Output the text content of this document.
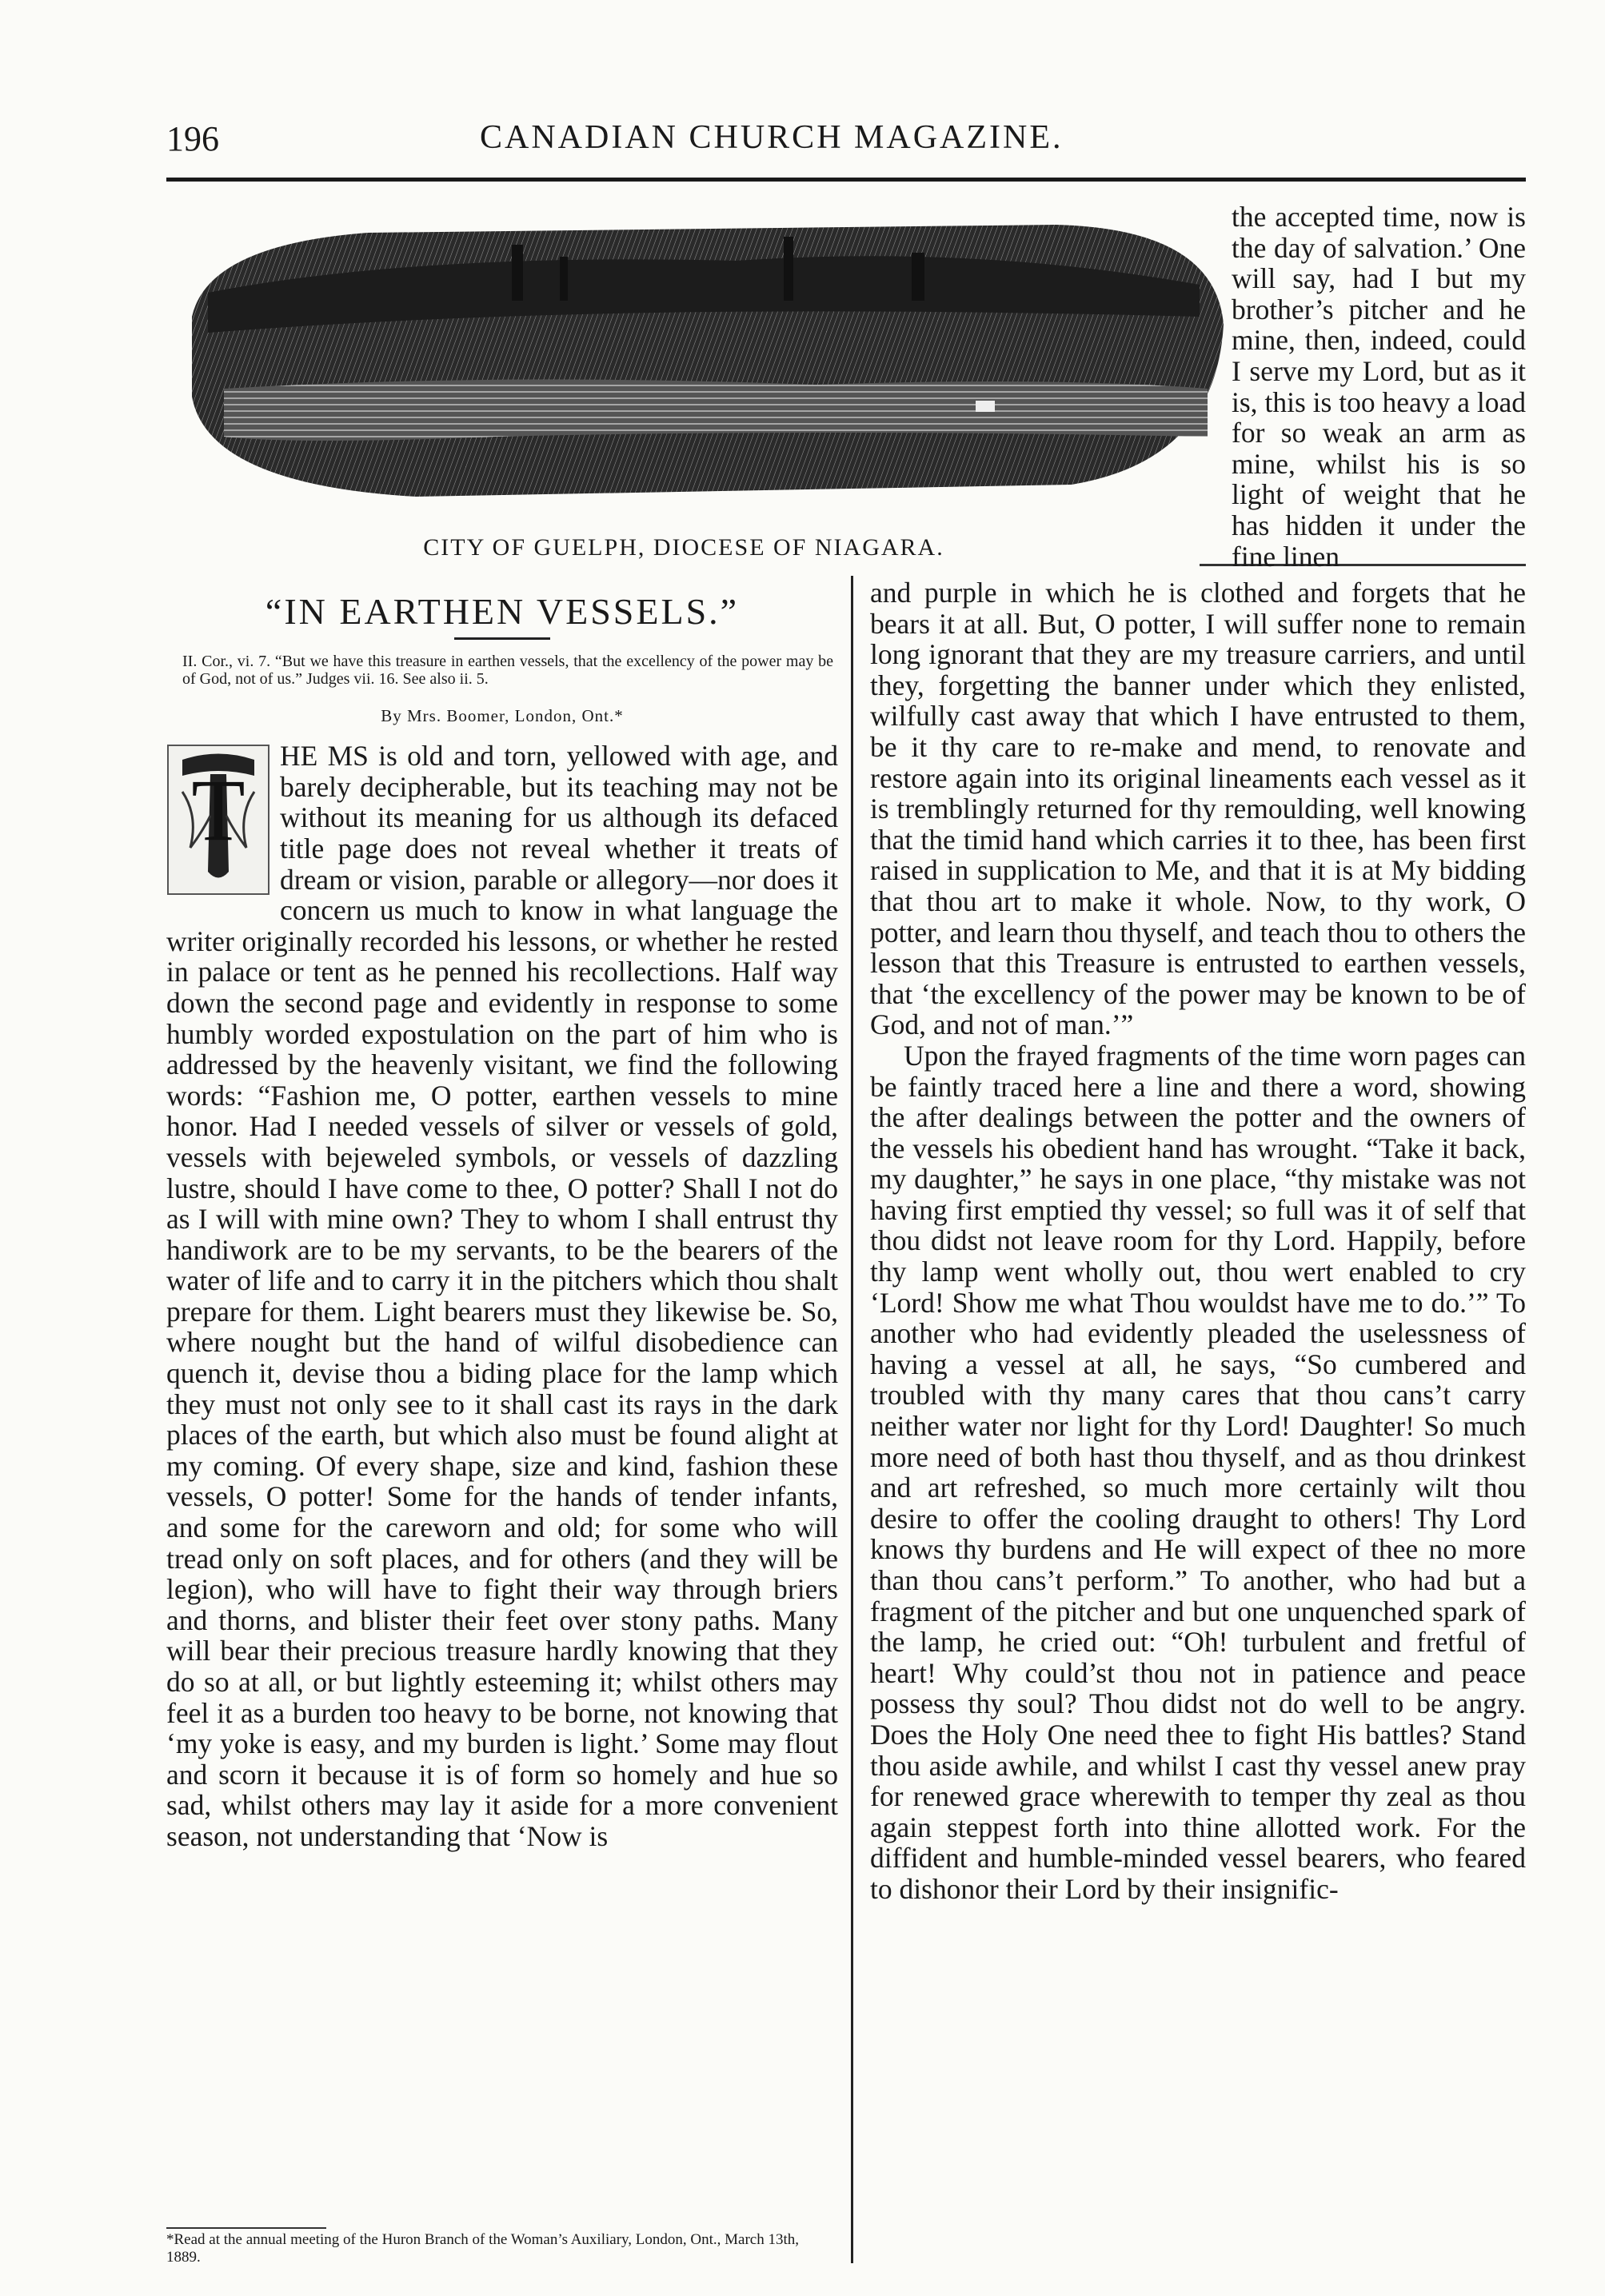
196	CANADIAN CHURCH MAGAZINE.
CITY OF GUELPH, DIOCESE OF NIAGARA.

the accepted time, now is the day of salvation.’ One will say, had I but my brother’s pitcher and he mine, then, indeed, could I serve my Lord, but as it is, this is too heavy a load for so weak an arm as mine, whilst his is so light of weight that he has hidden it under the fine linen

“IN EARTHEN VESSELS.”
II. Cor., vi. 7. “But we have this treasure in earthen vessels, that the excellency of the power may be of God, not of us.” Judges vii. 16. See also ii. 5.
By Mrs. Boomer, London, Ont.*
T

HE MS is old and torn, yellowed with age, and barely decipherable, but its teaching may not be without its meaning for us although its defaced title page does not reveal whether it treats of dream or vision, parable or allegory—nor does it concern us much to know in what language the writer originally recorded his lessons, or whether he rested in palace or tent as he penned his recollections. Half way down the second page and evidently in response to some humbly worded expostulation on the part of him who is addressed by the heavenly visitant, we find the following words: “Fashion me, O potter, earthen vessels to mine honor. Had I needed vessels of silver or vessels of gold, vessels with bejeweled symbols, or vessels of dazzling lustre, should I have come to thee, O potter? Shall I not do as I will with mine own? They to whom I shall entrust thy handiwork are to be my servants, to be the bearers of the water of life and to carry it in the pitchers which thou shalt prepare for them. Light bearers must they likewise be. So, where nought but the hand of wilful disobedience can quench it, devise thou a biding place for the lamp which they must not only see to it shall cast its rays in the dark places of the earth, but which also must be found alight at my coming. Of every shape, size and kind, fashion these vessels, O potter! Some for the hands of tender infants, and some for the careworn and old; for some who will tread only on soft places, and for others (and they will be legion), who will have to fight their way through briers and thorns, and blister their feet over stony paths. Many will bear their precious treasure hardly knowing that they do so at all, or but lightly esteeming it; whilst others may feel it as a burden too heavy to be borne, not knowing that ‘my yoke is easy, and my burden is light.’ Some may flout and scorn it because it is of form so homely and hue so sad, whilst others may lay it aside for a more convenient season, not understanding that ‘Now is

and purple in which he is clothed and forgets that he bears it at all. But, O potter, I will suffer none to remain long ignorant that they are my treasure carriers, and until they, forgetting the banner under which they enlisted, wilfully cast away that which I have entrusted to them, be it thy care to re-make and mend, to renovate and restore again into its original lineaments each vessel as it is tremblingly returned for thy remoulding, well knowing that the timid hand which carries it to thee, has been first raised in supplication to Me, and that it is at My bidding that thou art to make it whole. Now, to thy work, O potter, and learn thou thyself, and teach thou to others the lesson that this Treasure is entrusted to earthen vessels, that ‘the excellency of the power may be known to be of God, and not of man.’”

Upon the frayed fragments of the time worn pages can be faintly traced here a line and there a word, showing the after dealings between the potter and the owners of the vessels his obedient hand has wrought. “Take it back, my daughter,” he says in one place, “thy mistake was not having first emptied thy vessel; so full was it of self that thou didst not leave room for thy Lord. Happily, before thy lamp went wholly out, thou wert enabled to cry ‘Lord! Show me what Thou wouldst have me to do.’” To another who had evidently pleaded the uselessness of having a vessel at all, he says, “So cumbered and troubled with thy many cares that thou cans’t carry neither water nor light for thy Lord! Daughter! So much more need of both hast thou thyself, and as thou drinkest and art refreshed, so much more certainly wilt thou desire to offer the cooling draught to others! Thy Lord knows thy burdens and He will expect of thee no more than thou cans’t perform.” To another, who had but a fragment of the pitcher and but one unquenched spark of the lamp, he cried out: “Oh! turbulent and fretful of heart! Why could’st thou not in patience and peace possess thy soul? Thou didst not do well to be angry. Does the Holy One need thee to fight His battles? Stand thou aside awhile, and whilst I cast thy vessel anew pray for renewed grace wherewith to temper thy zeal as thou again steppest forth into thine allotted work. For the diffident and humble-minded vessel bearers, who feared to dishonor their Lord by their insignific-

*Read at the annual meeting of the Huron Branch of the Woman’s Auxiliary, London, Ont., March 13th, 1889.
